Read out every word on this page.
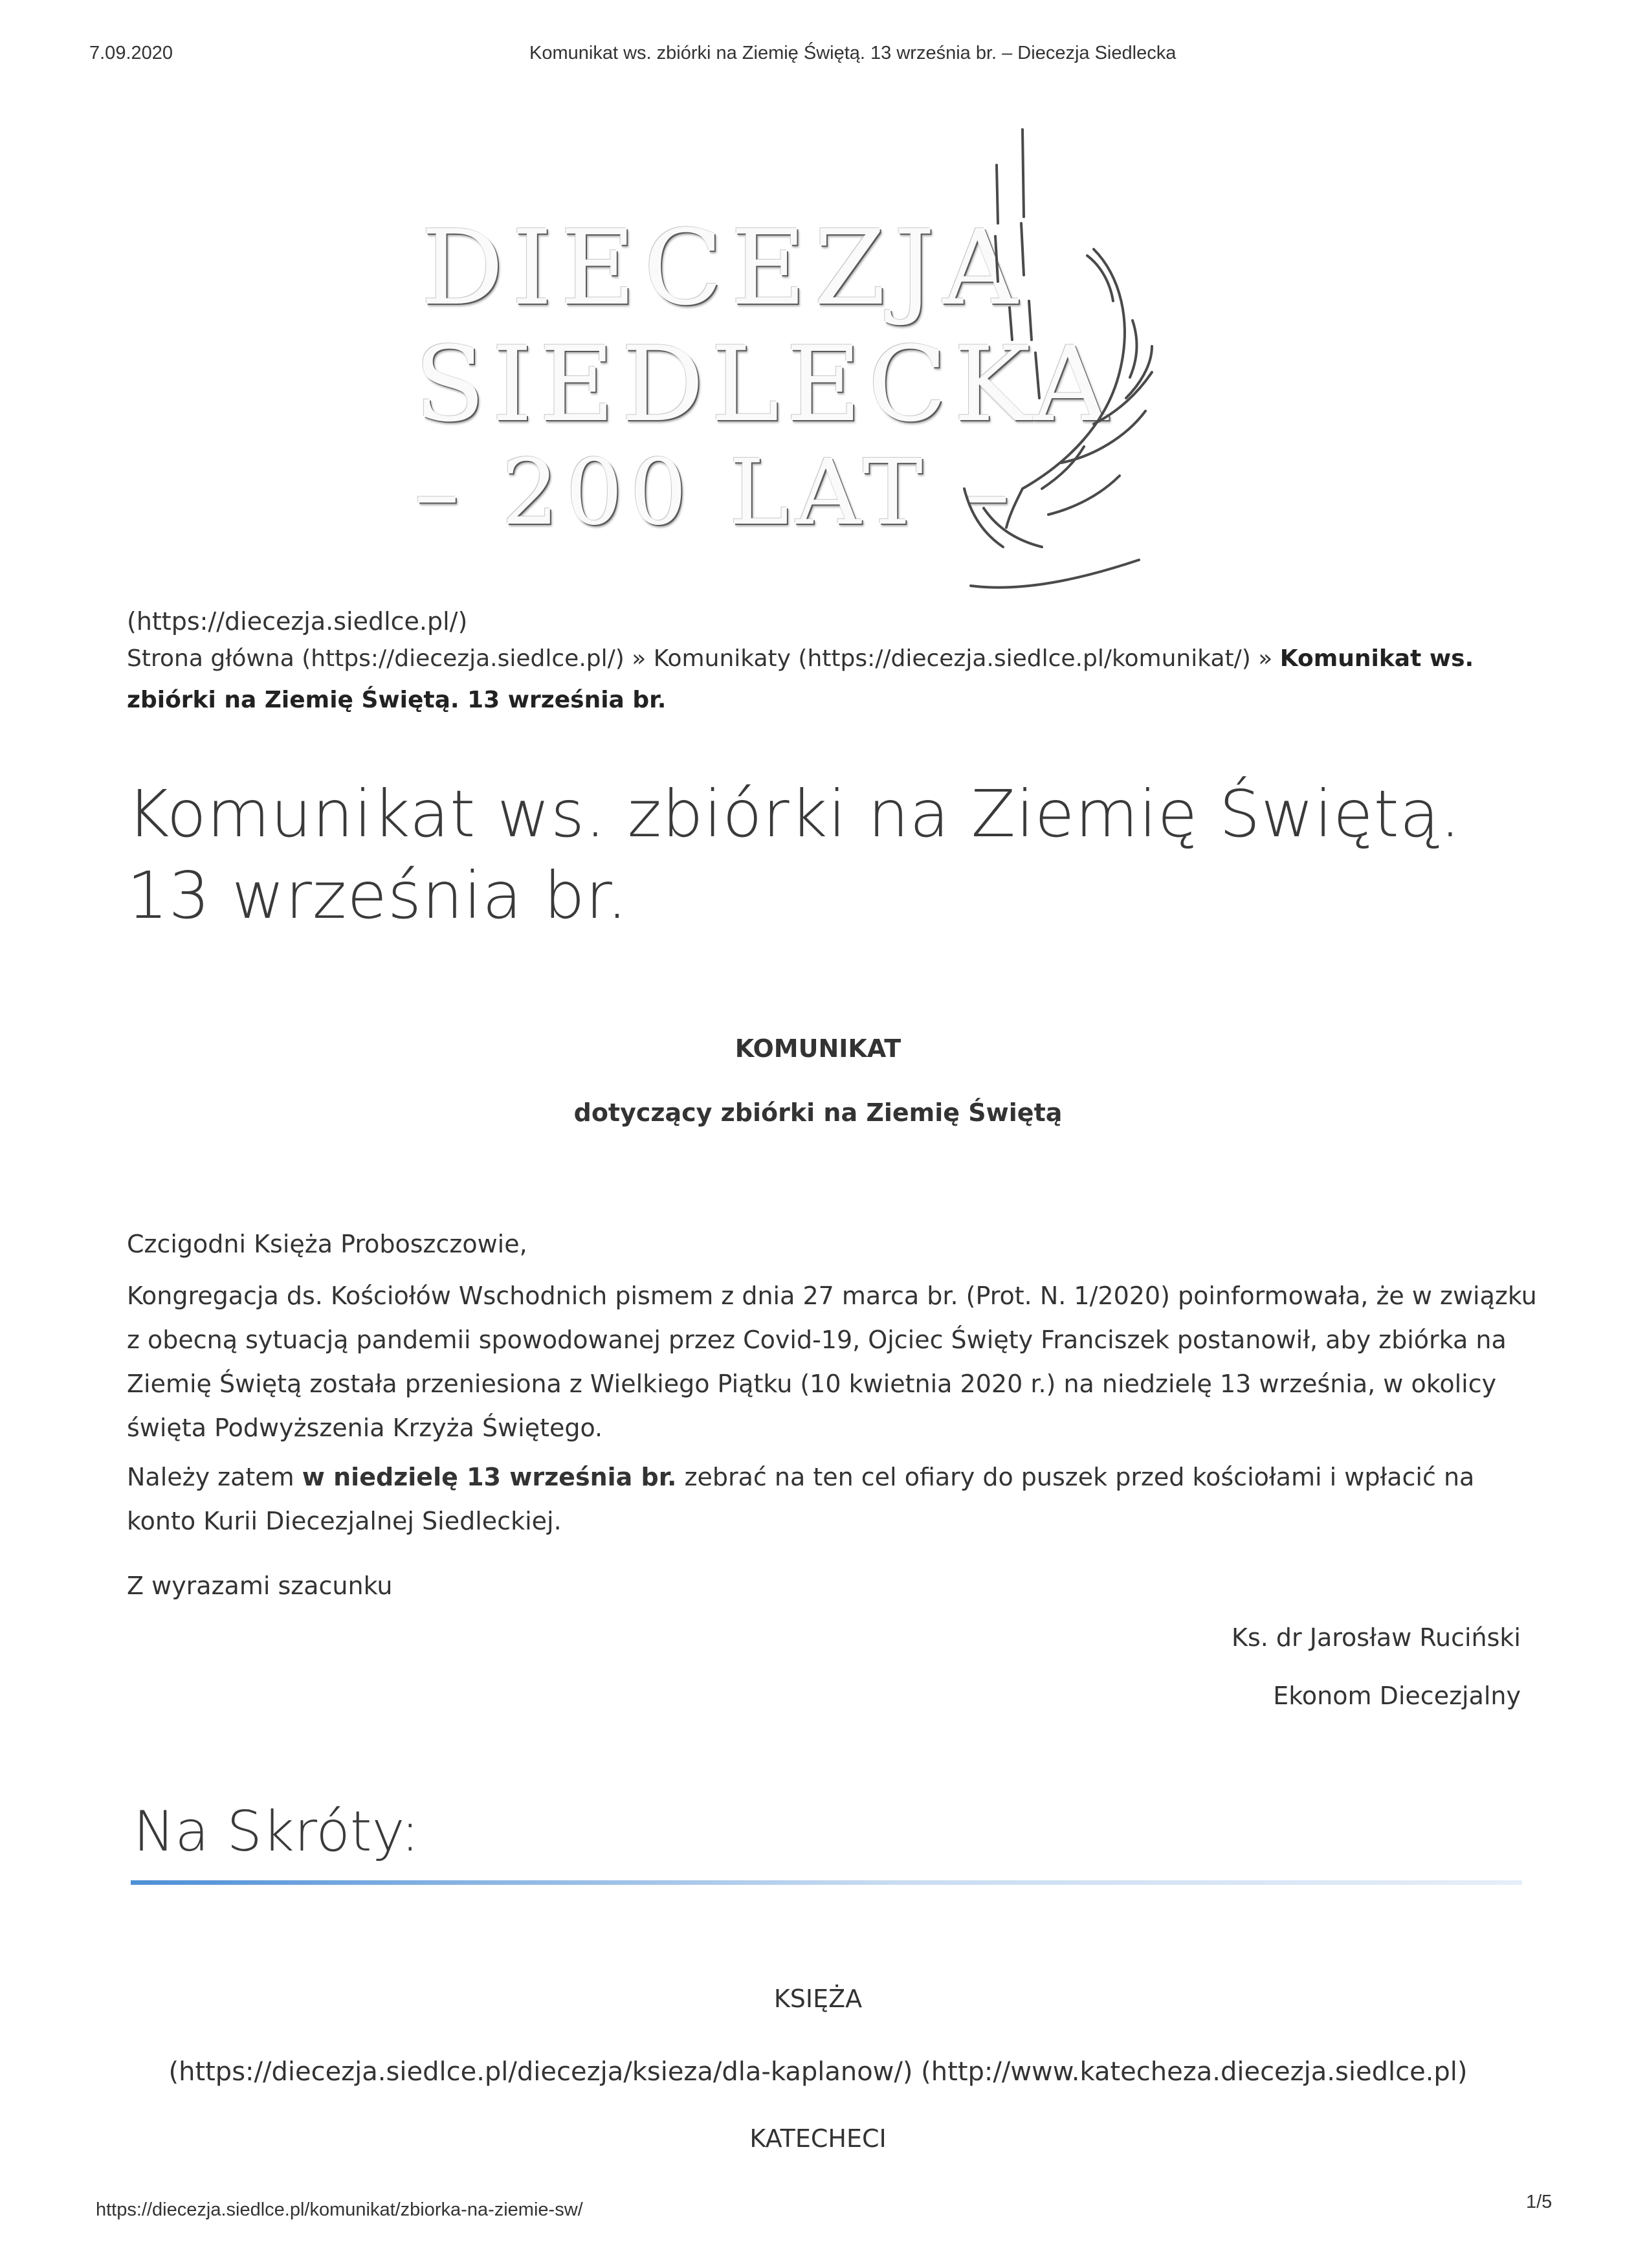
7.09.2020	Komunikat ws. zbiórki na Ziemię Świętą. 13 września br. – Diecezja Siedlecka
DIECEZJA
SIEDLECKA
– 200 LAT –
(https://diecezja.siedlce.pl/)
Strona główna (https://diecezja.siedlce.pl/) » Komunikaty (https://diecezja.siedlce.pl/komunikat/) » Komunikat ws. zbiórki na Ziemię Świętą. 13 września br.
Komunikat ws. zbiórki na Ziemię Świętą. 13 września br.
KOMUNIKAT
dotyczący zbiórki na Ziemię Świętą
Czcigodni Księża Proboszczowie,
Kongregacja ds. Kościołów Wschodnich pismem z dnia 27 marca br. (Prot. N. 1/2020) poinformowała, że w związku z obecną sytuacją pandemii spowodowanej przez Covid-19, Ojciec Święty Franciszek postanowił, aby zbiórka na Ziemię Świętą została przeniesiona z Wielkiego Piątku (10 kwietnia 2020 r.) na niedzielę 13 września, w okolicy święta Podwyższenia Krzyża Świętego.
Należy zatem w niedzielę 13 września br. zebrać na ten cel ofiary do puszek przed kościołami i wpłacić na konto Kurii Diecezjalnej Siedleckiej.
Z wyrazami szacunku
Ks. dr Jarosław Ruciński
Ekonom Diecezjalny
Na Skróty:
KSIĘŻA
(https://diecezja.siedlce.pl/diecezja/ksieza/dla-kaplanow/) (http://www.katecheza.diecezja.siedlce.pl)
KATECHECI
https://diecezja.siedlce.pl/komunikat/zbiorka-na-ziemie-sw/	1/5
